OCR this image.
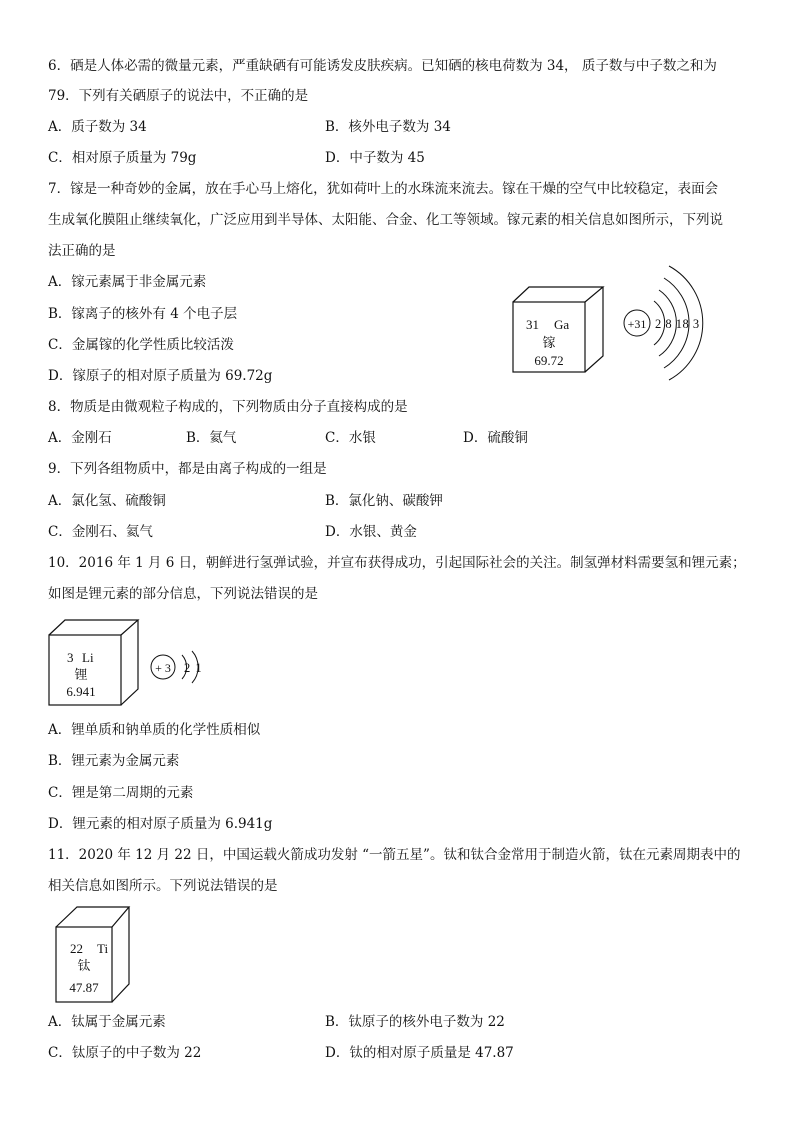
6．硒是人体必需的微量元素，严重缺硒有可能诱发皮肤疾病。已知硒的核电荷数为 34， 质子数与中子数之和为
79．下列有关硒原子的说法中，不正确的是
A．质子数为 34	B．核外电子数为 34
C．相对原子质量为 79g	D．中子数为 45
7．镓是一种奇妙的金属，放在手心马上熔化，犹如荷叶上的水珠流来流去。镓在干燥的空气中比较稳定，表面会
生成氧化膜阻止继续氧化，广泛应用到半导体、太阳能、合金、化工等领域。镓元素的相关信息如图所示，下列说
法正确的是
A．镓元素属于非金属元素
B．镓离子的核外有 4 个电子层
C．金属镓的化学性质比较活泼
D．镓原子的相对原子质量为 69.72g
31 Ga
镓
69.72
+31 2 8 18 3
8．物质是由微观粒子构成的，下列物质由分子直接构成的是
A．金刚石	B．氦气	C．水银	D．硫酸铜
9．下列各组物质中，都是由离子构成的一组是
A．氯化氢、硫酸铜	B．氯化钠、碳酸钾
C．金刚石、氦气	D．水银、黄金
10．2016 年 1 月 6 日，朝鲜进行氢弹试验，并宣布获得成功，引起国际社会的关注。制氢弹材料需要氢和锂元素；
如图是锂元素的部分信息，下列说法错误的是
3 Li
锂
6.941
+ 3 2 1
A．锂单质和钠单质的化学性质相似
B．锂元素为金属元素
C．锂是第二周期的元素
D．锂元素的相对原子质量为 6.941g
11．2020 年 12 月 22 日，中国运载火箭成功发射 “一箭五星”。钛和钛合金常用于制造火箭，钛在元素周期表中的
相关信息如图所示。下列说法错误的是
22 Ti
钛
47.87
A．钛属于金属元素	B．钛原子的核外电子数为 22
C．钛原子的中子数为 22	D．钛的相对原子质量是 47.87
